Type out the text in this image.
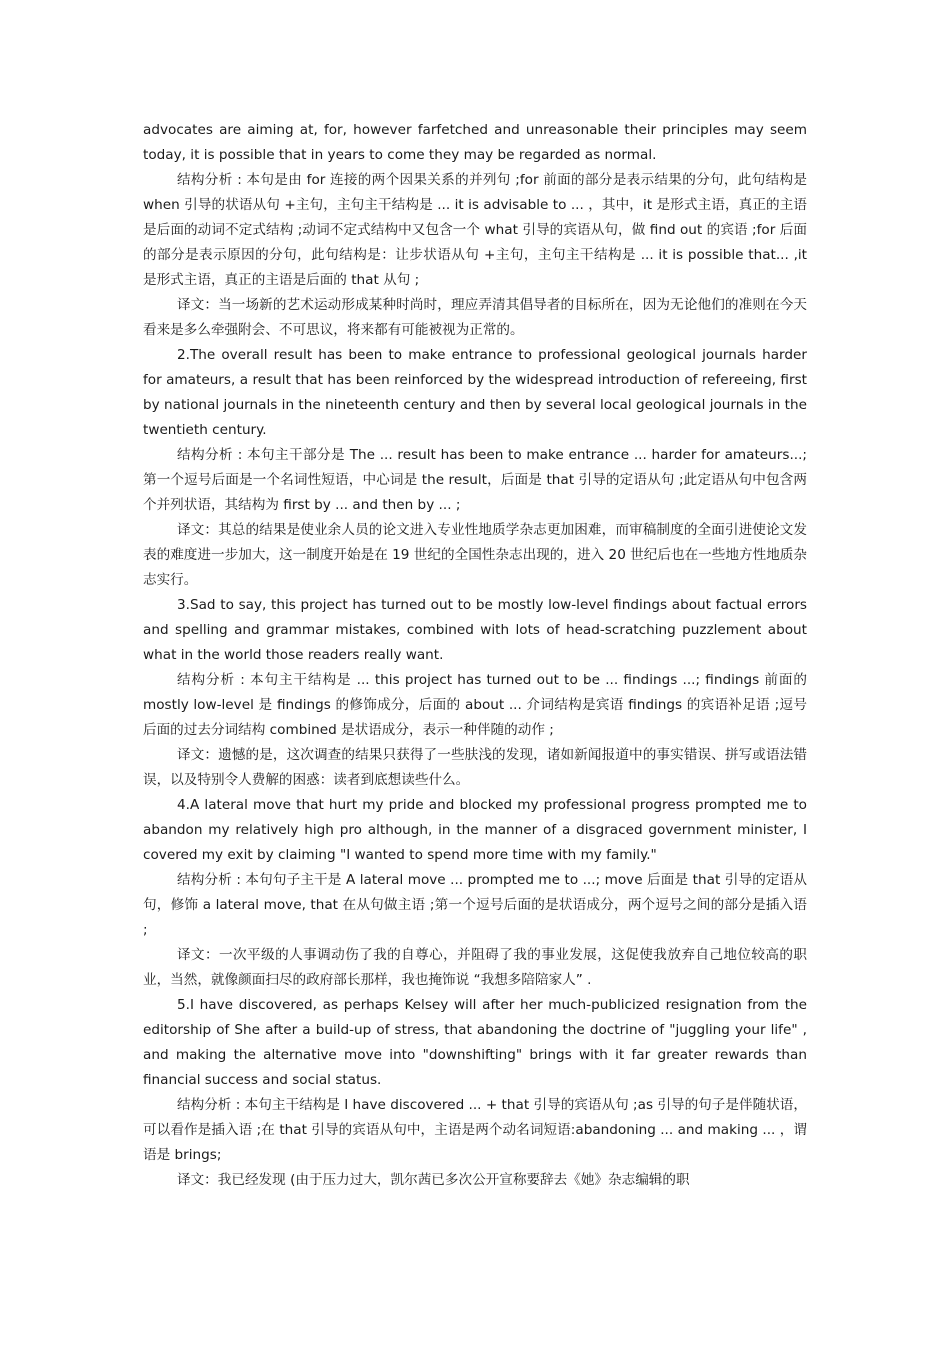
advocates are aiming at, for, however farfetched and unreasonable their principles may seem today, it is possible that in years to come they may be regarded as normal.

结构分析 : 本句是由 for 连接的两个因果关系的并列句 ;for 前面的部分是表示结果的分句，此句结构是 when 引导的状语从句 +主句，主句主干结构是 ... it is advisable to ... ，其中，it 是形式主语，真正的主语是后面的动词不定式结构 ;动词不定式结构中又包含一个 what 引导的宾语从句，做 find out 的宾语 ;for 后面的部分是表示原因的分句，此句结构是：让步状语从句 +主句，主句主干结构是 ... it is possible that... ,it 是形式主语，真正的主语是后面的 that 从句 ;

译文：当一场新的艺术运动形成某种时尚时，理应弄清其倡导者的目标所在，因为无论他们的准则在今天看来是多么牵强附会、不可思议，将来都有可能被视为正常的。

2.The overall result has been to make entrance to professional geological journals harder for amateurs, a result that has been reinforced by the widespread introduction of refereeing, first by national journals in the nineteenth century and then by several local geological journals in the twentieth century.

结构分析 : 本句主干部分是 The ... result has been to make entrance ... harder for amateurs...; 第一个逗号后面是一个名词性短语，中心词是 the result，后面是 that 引导的定语从句 ;此定语从句中包含两个并列状语，其结构为 first by ... and then by ... ;

译文：其总的结果是使业余人员的论文进入专业性地质学杂志更加困难，而审稿制度的全面引进使论文发表的难度进一步加大，这一制度开始是在 19 世纪的全国性杂志出现的，进入 20 世纪后也在一些地方性地质杂志实行。

3.Sad to say, this project has turned out to be mostly low-level findings about factual errors and spelling and grammar mistakes, combined with lots of head-scratching puzzlement about what in the world those readers really want.

结构分析 : 本句主干结构是 ... this project has turned out to be ... findings ...; findings 前面的 mostly low-level 是 findings 的修饰成分，后面的 about ... 介词结构是宾语 findings 的宾语补足语 ;逗号后面的过去分词结构 combined 是状语成分，表示一种伴随的动作 ;

译文：遗憾的是，这次调查的结果只获得了一些肤浅的发现，诸如新闻报道中的事实错误、拼写或语法错误，以及特别令人费解的困惑：读者到底想读些什么。

4.A lateral move that hurt my pride and blocked my professional progress prompted me to abandon my relatively high pro although, in the manner of a disgraced government minister, I covered my exit by claiming "I wanted to spend more time with my family."

结构分析 : 本句句子主干是 A lateral move ... prompted me to ...; move 后面是 that 引导的定语从句，修饰 a lateral move, that 在从句做主语 ;第一个逗号后面的是状语成分，两个逗号之间的部分是插入语 ;

译文：一次平级的人事调动伤了我的自尊心，并阻碍了我的事业发展，这促使我放弃自己地位较高的职业，当然，就像颜面扫尽的政府部长那样，我也掩饰说 “我想多陪陪家人” .

5.I have discovered, as perhaps Kelsey will after her much-publicized resignation from the editorship of She after a build-up of stress, that abandoning the doctrine of "juggling your life" , and making the alternative move into "downshifting" brings with it far greater rewards than financial success and social status.

结构分析 : 本句主干结构是 I have discovered ... + that 引导的宾语从句 ;as 引导的句子是伴随状语，可以看作是插入语 ;在 that 引导的宾语从句中，主语是两个动名词短语:abandoning ... and making ... ，谓语是 brings;

译文：我已经发现 (由于压力过大，凯尔茜已多次公开宣称要辞去《她》杂志编辑的职
